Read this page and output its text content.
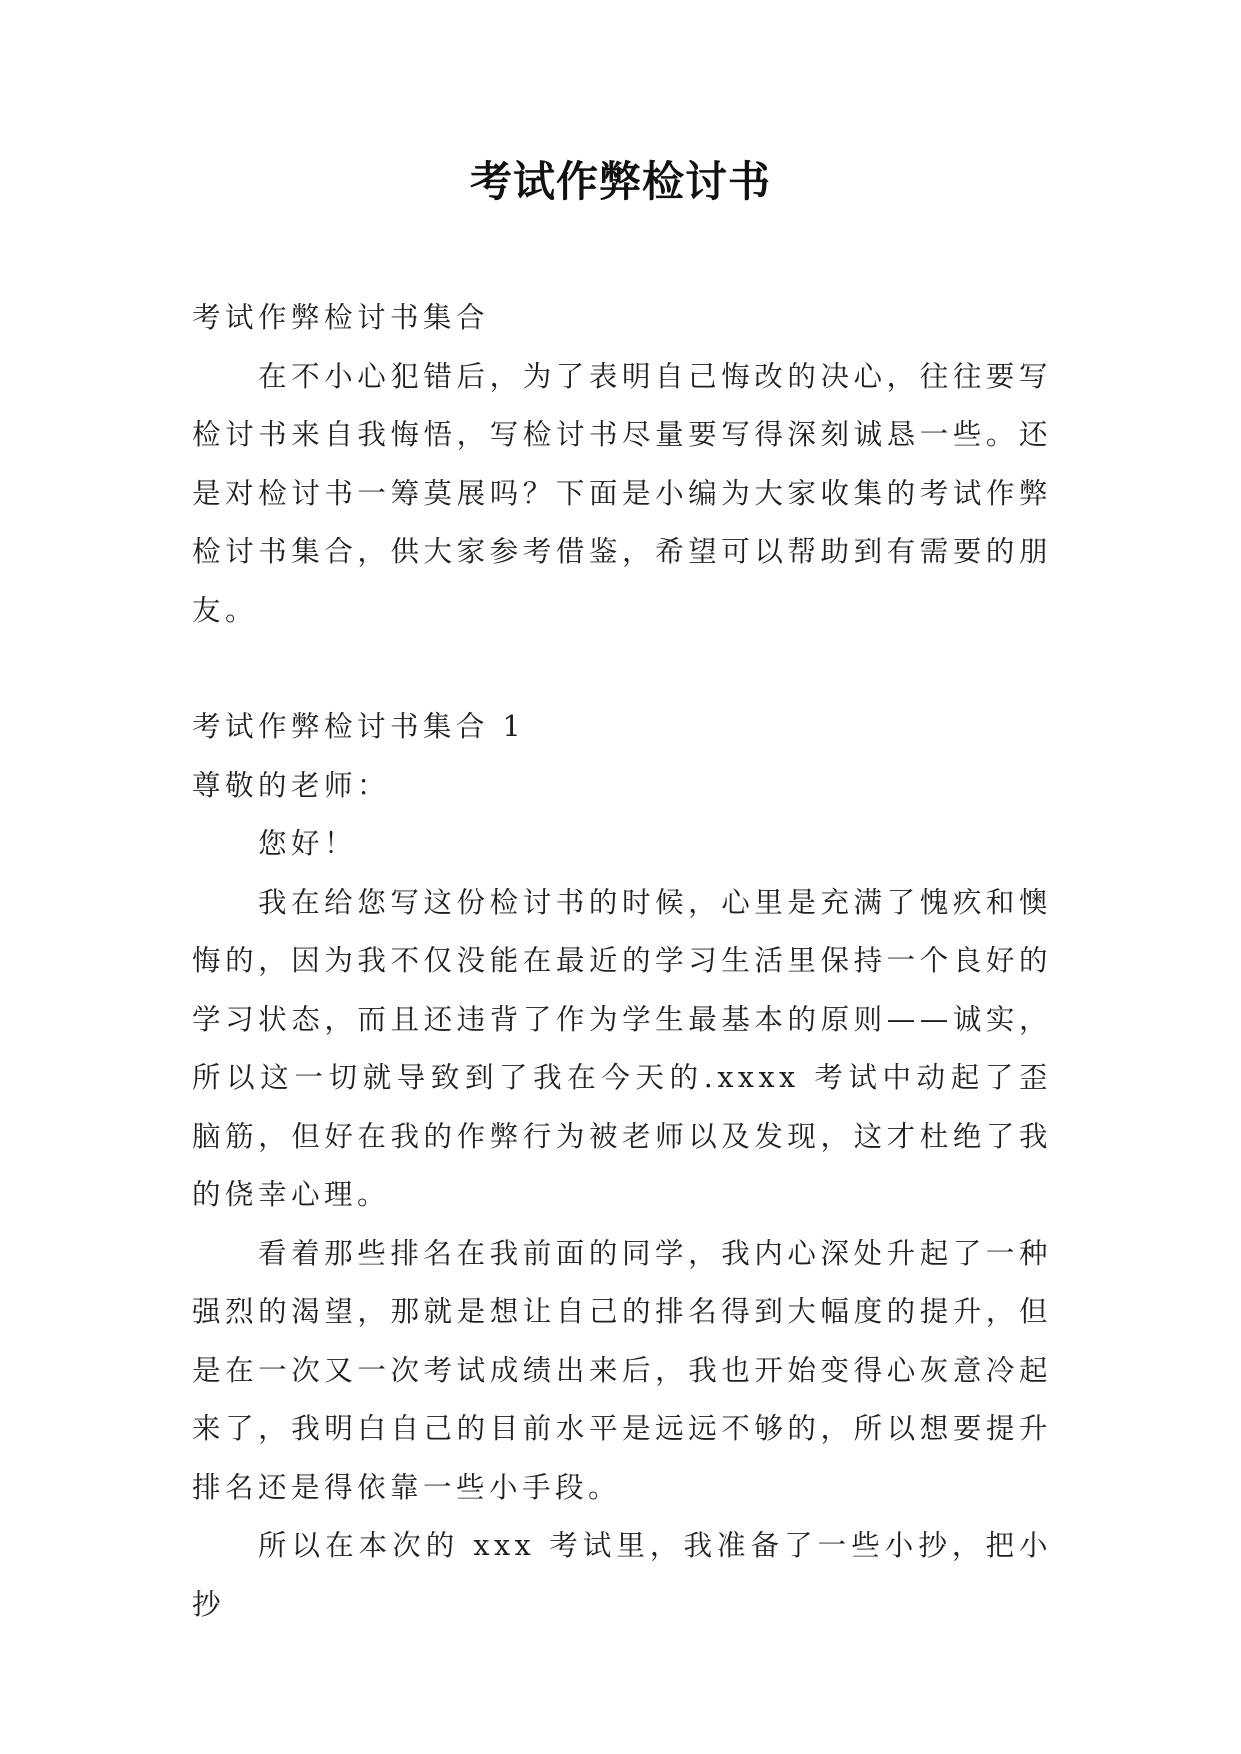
考试作弊检讨书

考试作弊检讨书集合

在不小心犯错后，为了表明自己悔改的决心，往往要写检讨书来自我悔悟，写检讨书尽量要写得深刻诚恳一些。还是对检讨书一筹莫展吗？下面是小编为大家收集的考试作弊检讨书集合，供大家参考借鉴，希望可以帮助到有需要的朋友。

考试作弊检讨书集合 1

尊敬的老师：

您好！

我在给您写这份检讨书的时候，心里是充满了愧疚和懊悔的，因为我不仅没能在最近的学习生活里保持一个良好的学习状态，而且还违背了作为学生最基本的原则——诚实，所以这一切就导致到了我在今天的.xxxx 考试中动起了歪脑筋，但好在我的作弊行为被老师以及发现，这才杜绝了我的侥幸心理。

看着那些排名在我前面的同学，我内心深处升起了一种强烈的渴望，那就是想让自己的排名得到大幅度的提升，但是在一次又一次考试成绩出来后，我也开始变得心灰意冷起来了，我明白自己的目前水平是远远不够的，所以想要提升排名还是得依靠一些小手段。

所以在本次的 xxx 考试里，我准备了一些小抄，把小抄
